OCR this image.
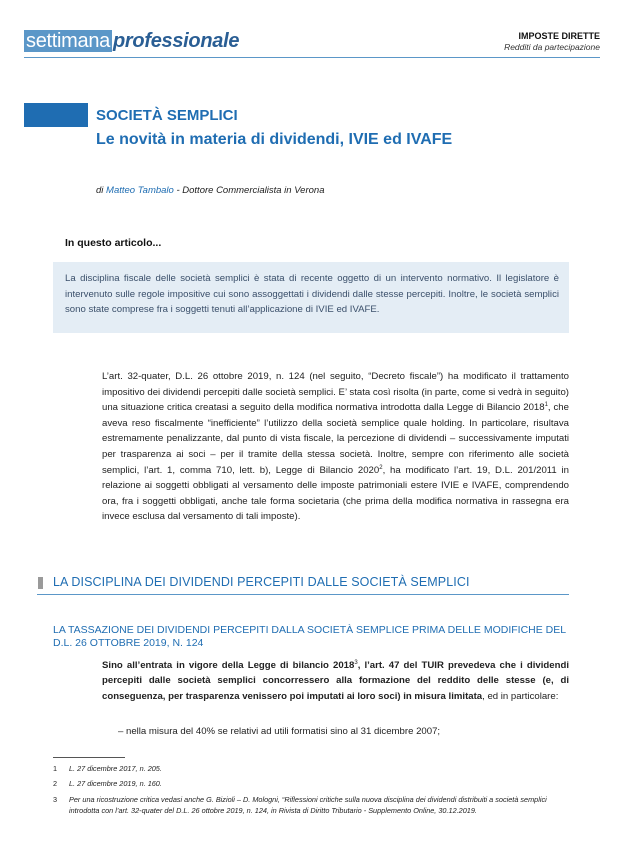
settimana professionale	IMPOSTE DIRETTE
Redditi da partecipazione
SOCIETÀ SEMPLICI
Le novità in materia di dividendi, IVIE ed IVAFE
di Matteo Tambalo - Dottore Commercialista in Verona
In questo articolo...
La disciplina fiscale delle società semplici è stata di recente oggetto di un intervento normativo. Il legislatore è intervenuto sulle regole impositive cui sono assoggettati i dividendi dalle stesse percepiti. Inoltre, le società semplici sono state comprese fra i soggetti tenuti all’applicazione di IVIE ed IVAFE.
L’art. 32-quater, D.L. 26 ottobre 2019, n. 124 (nel seguito, “Decreto fiscale”) ha modificato il trattamento impositivo dei dividendi percepiti dalle società semplici. E’ stata così risolta (in parte, come si vedrà in seguito) una situazione critica creatasi a seguito della modifica normativa introdotta dalla Legge di Bilancio 2018$^1$, che aveva reso fiscalmente “inefficiente” l’utilizzo della società semplice quale holding. In particolare, risultava estremamente penalizzante, dal punto di vista fiscale, la percezione di dividendi – successivamente imputati per trasparenza ai soci – per il tramite della stessa società. Inoltre, sempre con riferimento alle società semplici, l’art. 1, comma 710, lett. b), Legge di Bilancio 2020$^2$, ha modificato l’art. 19, D.L. 201/2011 in relazione ai soggetti obbligati al versamento delle imposte patrimoniali estere IVIE e IVAFE, comprendendo ora, fra i soggetti obbligati, anche tale forma societaria (che prima della modifica normativa in rassegna era invece esclusa dal versamento di tali imposte).
LA DISCIPLINA DEI DIVIDENDI PERCEPITI DALLE SOCIETÀ SEMPLICI
LA TASSAZIONE DEI DIVIDENDI PERCEPITI DALLA SOCIETÀ SEMPLICE PRIMA DELLE MODIFICHE DEL D.L. 26 OTTOBRE 2019, N. 124
Sino all’entrata in vigore della Legge di bilancio 2018$^3$, l’art. 47 del TUIR prevedeva che i dividendi percepiti dalle società semplici concorressero alla formazione del reddito delle stesse (e, di conseguenza, per trasparenza venissero poi imputati ai loro soci) in misura limitata, ed in particolare:
– nella misura del 40% se relativi ad utili formatisi sino al 31 dicembre 2007;
1 L. 27 dicembre 2017, n. 205.
2 L. 27 dicembre 2019, n. 160.
3 Per una ricostruzione critica vedasi anche G. Bizioli – D. Mologni, “Riflessioni critiche sulla nuova disciplina dei dividendi distribuiti a società semplici introdotta con l’art. 32-quater del D.L. 26 ottobre 2019, n. 124, in Rivista di Diritto Tributario - Supplemento Online, 30.12.2019.
